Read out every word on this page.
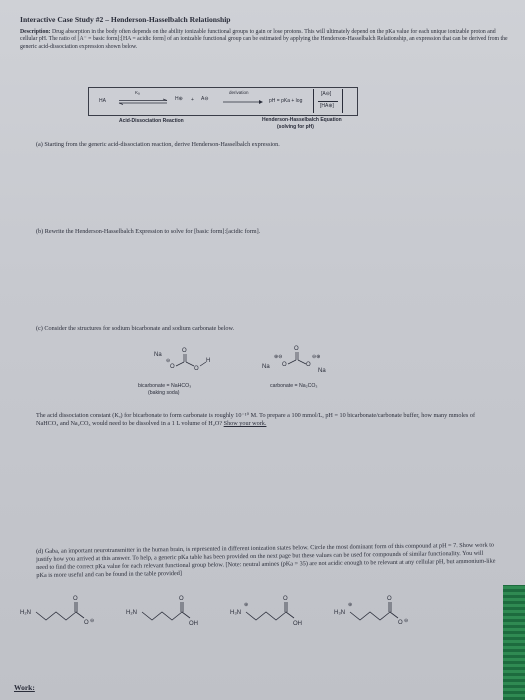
Interactive Case Study #2 – Henderson-Hasselbalch Relationship
Description: Drug absorption in the body often depends on the ability ionizable functional groups to gain or lose protons. This will ultimately depend on the pKa value for each unique ionizable proton and cellular pH. The ratio of [A⁻ = basic form]:[HA = acidic form] of an ionizable functional group can be estimated by applying the Henderson-Hasselbalch Relationship, an expression that can be derived from the generic acid-dissociation expression shown below.
HA
Kₐ
⇌ H⊕ + A⊖
derivation
pH = pKa + log
[A⊖]
[HA⊕]
Acid-Dissociation Reaction	Henderson-Hasselbalch Equation
(solving for pH)
(a) Starting from the generic acid-dissociation reaction, derive Henderson-Hasselbalch expression.
(b) Rewrite the Henderson-Hasselbalch Expression to solve for [basic form]:[acidic form].
(c) Consider the structures for sodium bicarbonate and sodium carbonate below.
Na
⊖
O
O
O
H
bicarbonate = NaHCO₃
(baking soda)
Na
⊕⊖
O
O
O
⊖⊕
Na
carbonate = Na₂CO₃
The acid dissociation constant (Kₐ) for bicarbonate to form carbonate is roughly 10⁻¹⁰ M. To prepare a 100 mmol/L, pH = 10 bicarbonate/carbonate buffer, how many mmoles of NaHCO₃ and Na₂CO₃ would need to be dissolved in a 1 L volume of H₂O? Show your work.
(d) Gaba, an important neurotransmitter in the human brain, is represented in different ionization states below. Circle the most dominant form of this compound at pH = 7. Show work to justify how you arrived at this answer. To help, a generic pKa table has been provided on the next page but these values can be used for compounds of similar functionality. You will need to find the correct pKa value for each relevant functional group below. [Note: neutral amines (pKa = 35) are not acidic enough to be relevant at any cellular pH, but ammonium-like pKa is more useful and can be found in the table provided]
H₂N
O
O ⊖
H₂N
O
OH
H₃N
⊕
O
OH
H₃N
⊕
O
O ⊖
Work:
